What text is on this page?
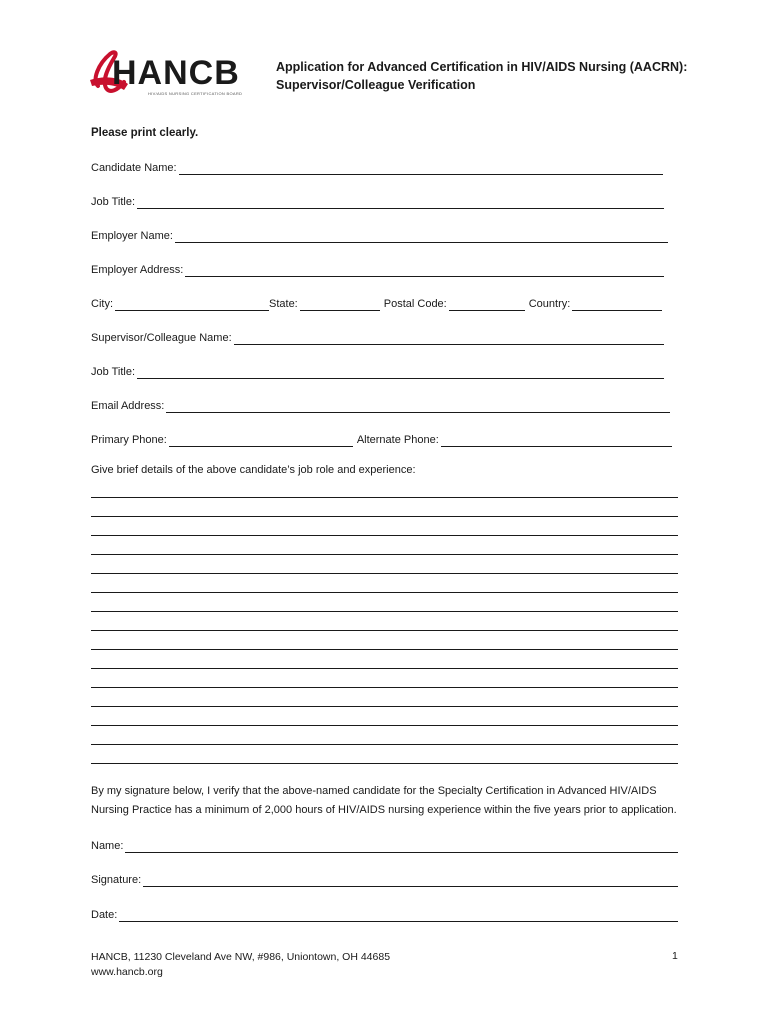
HANCB
HIV/AIDS NURSING CERTIFICATION BOARD
Application for Advanced Certification in HIV/AIDS Nursing (AACRN):
Supervisor/Colleague Verification
Please print clearly.
Candidate Name:
Job Title:
Employer Name:
Employer Address:
City:	State:	Postal Code:	Country:
Supervisor/Colleague Name:
Job Title:
Email Address:
Primary Phone:	Alternate Phone:
Give brief details of the above candidate’s job role and experience:
By my signature below, I verify that the above-named candidate for the Specialty Certification in Advanced HIV/AIDS Nursing Practice has a minimum of 2,000 hours of HIV/AIDS nursing experience within the five years prior to application.
Name:
Signature:
Date:
HANCB, 11230 Cleveland Ave NW, #986, Uniontown, OH 44685
www.hancb.org
1
